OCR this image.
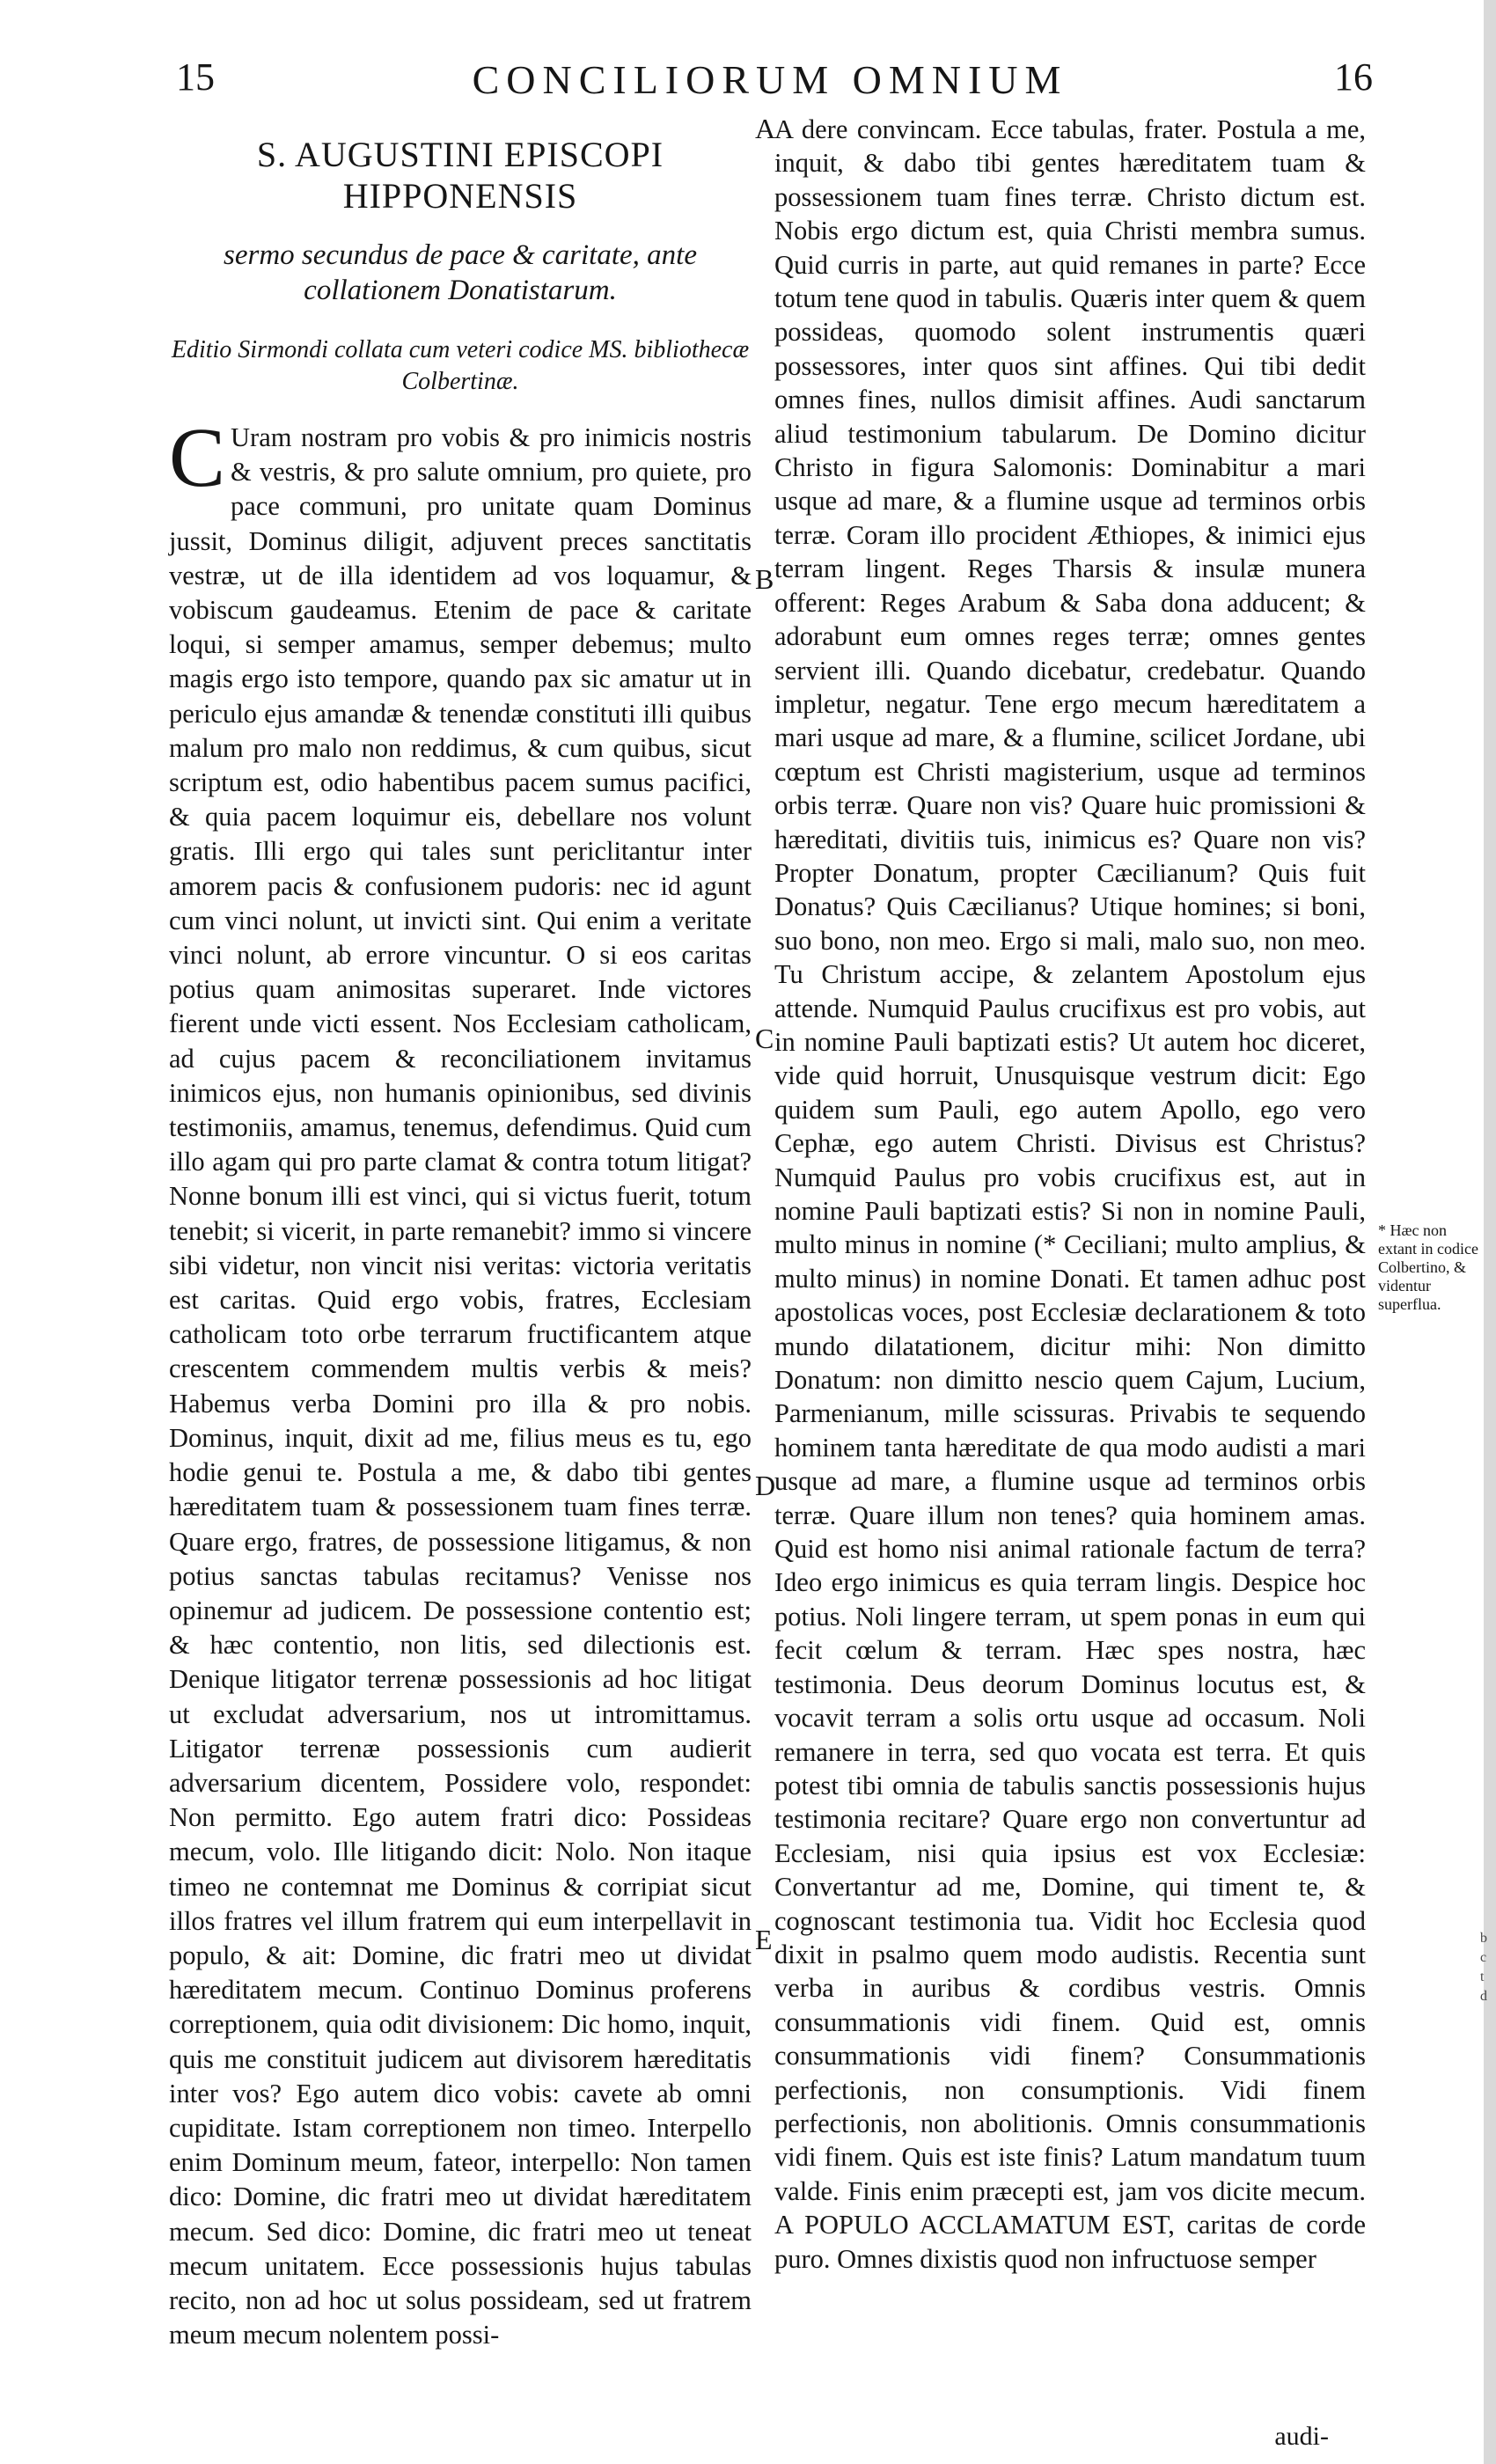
15	CONCILIORUM OMNIUM	16
S. AUGUSTINI EPISCOPI HIPPONENSIS
sermo secundus de pace & caritate, ante collationem Donatistarum.
Editio Sirmondi collata cum veteri codice MS. bibliothecæ Colbertinæ.
C Uram nostram pro vobis & pro inimicis nostris & vestris, & pro salute omnium, pro quiete, pro pace communi, pro unitate quam Dominus jussit, Dominus diligit, adjuvent preces sanctitatis vestræ, ut de illa identidem ad vos loquamur, & vobiscum gaudeamus. Etenim de pace & caritate loqui, si semper amamus, semper debemus; multo magis ergo isto tempore, quando pax sic amatur ut in periculo ejus amandæ & tenendæ constituti illi quibus malum pro malo non reddimus, & cum quibus, sicut scriptum est, odio habentibus pacem sumus pacifici, & quia pacem loquimur eis, debellare nos volunt gratis. Illi ergo qui tales sunt periclitantur inter amorem pacis & confusionem pudoris: nec id agunt cum vinci nolunt, ut invicti sint. Qui enim a veritate vinci nolunt, ab errore vincuntur. O si eos caritas potius quam animositas superaret. Inde victores fierent unde victi essent. Nos Ecclesiam catholicam, ad cujus pacem & reconciliationem invitamus inimicos ejus, non humanis opinionibus, sed divinis testimoniis, amamus, tenemus, defendimus. Quid cum illo agam qui pro parte clamat & contra totum litigat? Nonne bonum illi est vinci, qui si victus fuerit, totum tenebit; si vicerit, in parte remanebit? immo si vincere sibi videtur, non vincit nisi veritas: victoria veritatis est caritas. Quid ergo vobis, fratres, Ecclesiam catholicam toto orbe terrarum fructificantem atque crescentem commendem multis verbis & meis? Habemus verba Domini pro illa & pro nobis. Dominus, inquit, dixit ad me, filius meus es tu, ego hodie genui te. Postula a me, & dabo tibi gentes hæreditatem tuam & possessionem tuam fines terræ. Quare ergo, fratres, de possessione litigamus, & non potius sanctas tabulas recitamus? Venisse nos opinemur ad judicem. De possessione contentio est; & hæc contentio, non litis, sed dilectionis est. Denique litigator terrenæ possessionis ad hoc litigat ut excludat adversarium, nos ut intromittamus. Litigator terrenæ possessionis cum audierit adversarium dicentem, Possidere volo, respondet: Non permitto. Ego autem fratri dico: Possideas mecum, volo. Ille litigando dicit: Nolo. Non itaque timeo ne contemnat me Dominus & corripiat sicut illos fratres vel illum fratrem qui eum interpellavit in populo, & ait: Domine, dic fratri meo ut dividat hæreditatem mecum. Continuo Dominus proferens correptionem, quia odit divisionem: Dic homo, inquit, quis me constituit judicem aut divisorem hæreditatis inter vos? Ego autem dico vobis: cavete ab omni cupiditate. Istam correptionem non timeo. Interpello enim Dominum meum, fateor, interpello: Non tamen dico: Domine, dic fratri meo ut dividat hæreditatem mecum. Sed dico: Domine, dic fratri meo ut teneat mecum unitatem. Ecce possessionis hujus tabulas recito, non ad hoc ut solus possideam, sed ut fratrem meum mecum nolentem possi-

A
B
C
D
E

A dere convincam. Ecce tabulas, frater. Postula a me, inquit, & dabo tibi gentes hæreditatem tuam & possessionem tuam fines terræ. Christo dictum est. Nobis ergo dictum est, quia Christi membra sumus. Quid curris in parte, aut quid remanes in parte? Ecce totum tene quod in tabulis. Quæris inter quem & quem possideas, quomodo solent instrumentis quæri possessores, inter quos sint affines. Qui tibi dedit omnes fines, nullos dimisit affines. Audi sanctarum aliud testimonium tabularum. De Domino dicitur Christo in figura Salomonis: Dominabitur a mari usque ad mare, & a flumine usque ad terminos orbis terræ. Coram illo procident Æthiopes, & inimici ejus terram lingent. Reges Tharsis & insulæ munera offerent: Reges Arabum & Saba dona adducent; & adorabunt eum omnes reges terræ; omnes gentes servient illi. Quando dicebatur, credebatur. Quando impletur, negatur. Tene ergo mecum hæreditatem a mari usque ad mare, & a flumine, scilicet Jordane, ubi cœptum est Christi magisterium, usque ad terminos orbis terræ. Quare non vis? Quare huic promissioni & hæreditati, divitiis tuis, inimicus es? Quare non vis? Propter Donatum, propter Cæcilianum? Quis fuit Donatus? Quis Cæcilianus? Utique homines; si boni, suo bono, non meo. Ergo si mali, malo suo, non meo. Tu Christum accipe, & zelantem Apostolum ejus attende. Numquid Paulus crucifixus est pro vobis, aut in nomine Pauli baptizati estis? Ut autem hoc diceret, vide quid horruit, Unusquisque vestrum dicit: Ego quidem sum Pauli, ego autem Apollo, ego vero Cephæ, ego autem Christi. Divisus est Christus? Numquid Paulus pro vobis crucifixus est, aut in nomine Pauli baptizati estis? Si non in nomine Pauli, multo minus in nomine (* Ceciliani; multo amplius, & multo minus) in nomine Donati. Et tamen adhuc post apostolicas voces, post Ecclesiæ declarationem & toto mundo dilatationem, dicitur mihi: Non dimitto Donatum: non dimitto nescio quem Cajum, Lucium, Parmenianum, mille scissuras. Privabis te sequendo hominem tanta hæreditate de qua modo audisti a mari usque ad mare, a flumine usque ad terminos orbis terræ. Quare illum non tenes? quia hominem amas. Quid est homo nisi animal rationale factum de terra? Ideo ergo inimicus es quia terram lingis. Despice hoc potius. Noli lingere terram, ut spem ponas in eum qui fecit cœlum & terram. Hæc spes nostra, hæc testimonia. Deus deorum Dominus locutus est, & vocavit terram a solis ortu usque ad occasum. Noli remanere in terra, sed quo vocata est terra. Et quis potest tibi omnia de tabulis sanctis possessionis hujus testimonia recitare? Quare ergo non convertuntur ad Ecclesiam, nisi quia ipsius est vox Ecclesiæ: Convertantur ad me, Domine, qui timent te, & cognoscant testimonia tua. Vidit hoc Ecclesia quod dixit in psalmo quem modo audistis. Recentia sunt verba in auribus & cordibus vestris. Omnis consummationis vidi finem. Quid est, omnis consummationis vidi finem? Consummationis perfectionis, non consumptionis. Vidi finem perfectionis, non abolitionis. Omnis consummationis vidi finem. Quis est iste finis? Latum mandatum tuum valde. Finis enim præcepti est, jam vos dicite mecum. A POPULO ACCLAMATUM EST, caritas de corde puro. Omnes dixistis quod non infructuose semper

* Hæc non extant in codice Colbertino, & videntur superflua.
b c t d
audi-
